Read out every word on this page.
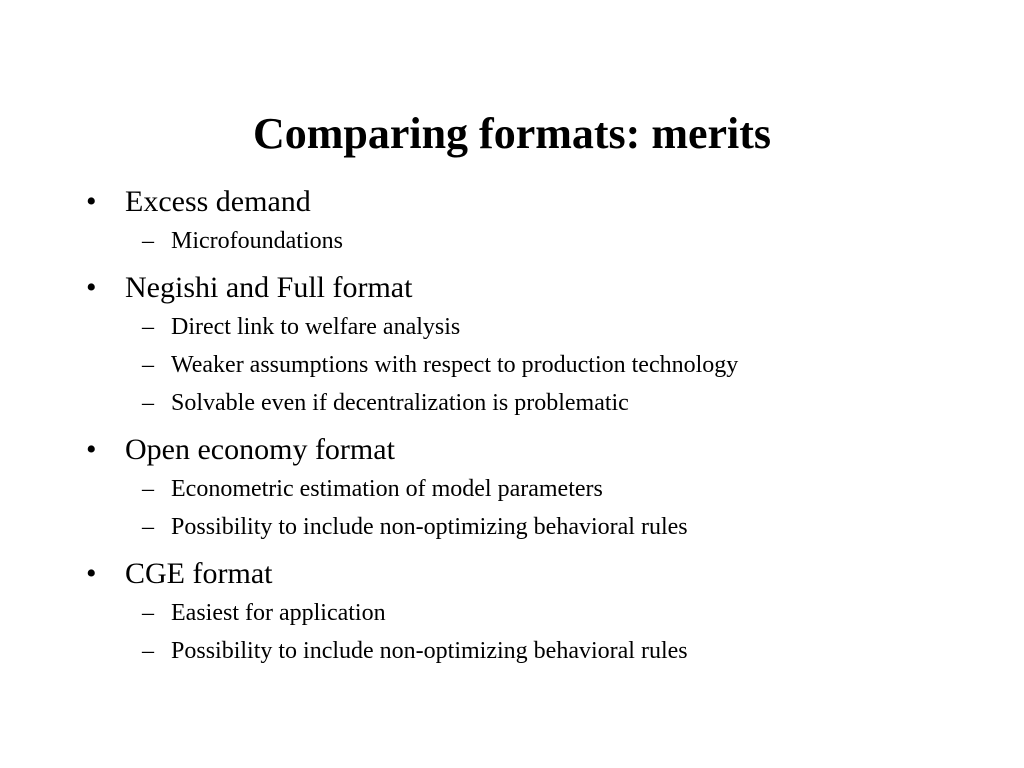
Comparing formats: merits
• Excess demand
– Microfoundations
• Negishi and Full format
– Direct link to welfare analysis
– Weaker assumptions with respect to production technology
– Solvable even if decentralization is problematic
• Open economy format
– Econometric estimation of model parameters
– Possibility to include non-optimizing behavioral rules
• CGE format
– Easiest for application
– Possibility to include non-optimizing behavioral rules
